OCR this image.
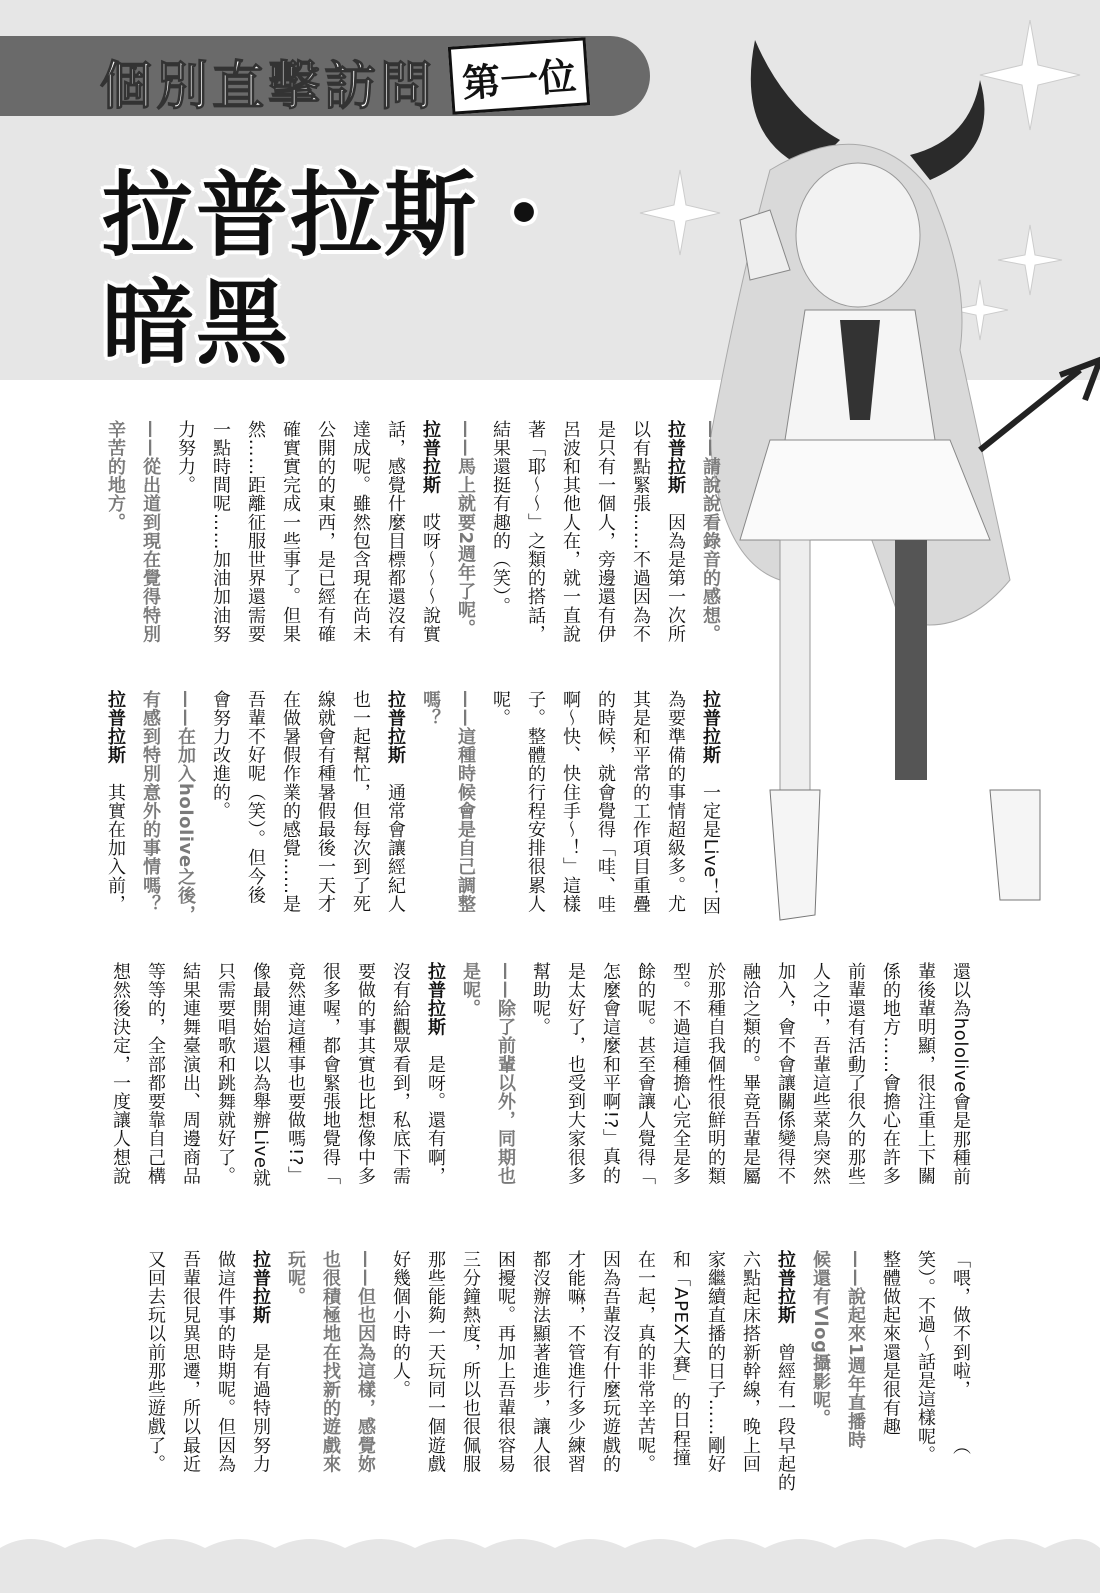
個別直擊訪問 第一位
拉普拉斯・
暗黑
——請說說看錄音的感想。
拉普拉斯　因為是第一次所
以有點緊張……不過因為不
是只有一個人，旁邊還有伊
呂波和其他人在，就一直說
著「耶～～」之類的搭話，
結果還挺有趣的（笑）。
——馬上就要2週年了呢。
拉普拉斯　哎呀～～～說實
話，感覺什麼目標都還沒有
達成呢。雖然包含現在尚未
公開的的東西，是已經有確
確實實完成一些事了。但果
然……距離征服世界還需要
一點時間呢……加油加油努
力努力。
——從出道到現在覺得特別
辛苦的地方。
拉普拉斯　一定是Live！因
為要準備的事情超級多。尤
其是和平常的工作項目重疊
的時候，就會覺得「哇、哇
啊～快、快住手～！」這樣
子。整體的行程安排很累人
呢。
——這種時候會是自己調整
嗎？
拉普拉斯　通常會讓經紀人
也一起幫忙，但每次到了死
線就會有種暑假最後一天才
在做暑假作業的感覺……是
吾輩不好呢（笑）。但今後
會努力改進的。
——在加入hololive之後，
有感到特別意外的事情嗎？
拉普拉斯　其實在加入前，
還以為hololive會是那種前
輩後輩明顯，很注重上下關
係的地方……會擔心在許多
前輩還有活動了很久的那些
人之中，吾輩這些菜鳥突然
加入，會不會讓關係變得不
融洽之類的。畢竟吾輩是屬
於那種自我個性很鮮明的類
型。不過這種擔心完全是多
餘的呢。甚至會讓人覺得「
怎麼會這麼和平啊!?」真的
是太好了，也受到大家很多
幫助呢。
——除了前輩以外，同期也
是呢。
拉普拉斯　是呀。還有啊，
沒有給觀眾看到，私底下需
要做的事其實也比想像中多
很多喔，都會緊張地覺得「
竟然連這種事也要做嗎!?」
像最開始還以為舉辦Live就
只需要唱歌和跳舞就好了。
結果連舞臺演出、周邊商品
等等的，全部都要靠自己構
想然後決定，一度讓人想說
「喂，做不到啦，　　　（
笑）。不過～話是這樣呢。
整體做起來還是很有趣
——說起來1週年直播時
候還有Vlog攝影呢。
拉普拉斯　曾經有一段早起的
六點起床搭新幹線，晚上回
家繼續直播的日子……剛好
和「APEX大賽」的日程撞
在一起，真的非常辛苦呢。
因為吾輩沒有什麼玩遊戲的
才能嘛，不管進行多少練習
都沒辦法顯著進步，讓人很
困擾呢。再加上吾輩很容易
三分鐘熱度，所以也很佩服
那些能夠一天玩同一個遊戲
好幾個小時的人。
——但也因為這樣，感覺妳
也很積極地在找新的遊戲來
玩呢。
拉普拉斯　是有過特別努力
做這件事的時期呢。但因為
吾輩很見異思遷，所以最近
又回去玩以前那些遊戲了。
